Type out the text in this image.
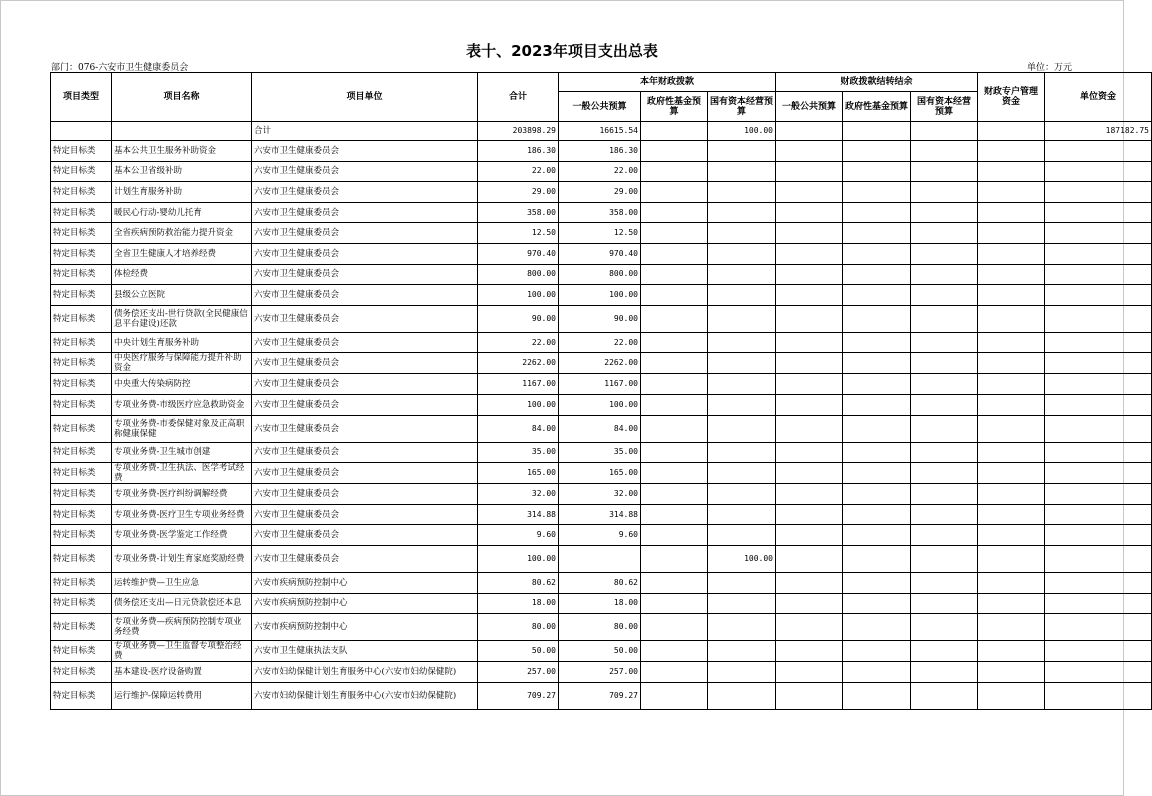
表十、2023年项目支出总表
部门：076-六安市卫生健康委员会	单位：万元
项目类型	项目名称	项目单位	合计	本年财政拨款			财政拨款结转结余			财政专户管理资金	单位资金
				一般公共预算	政府性基金预算	国有资本经营预算	一般公共预算	政府性基金预算	国有资本经营预算		
		合计	203898.29	16615.54		100.00					187182.75
特定目标类	基本公共卫生服务补助资金	六安市卫生健康委员会	186.30	186.30							
特定目标类	基本公卫省级补助	六安市卫生健康委员会	22.00	22.00							
特定目标类	计划生育服务补助	六安市卫生健康委员会	29.00	29.00							
特定目标类	暖民心行动-婴幼儿托育	六安市卫生健康委员会	358.00	358.00							
特定目标类	全省疾病预防救治能力提升资金	六安市卫生健康委员会	12.50	12.50							
特定目标类	全省卫生健康人才培养经费	六安市卫生健康委员会	970.40	970.40							
特定目标类	体检经费	六安市卫生健康委员会	800.00	800.00							
特定目标类	县级公立医院	六安市卫生健康委员会	100.00	100.00							
特定目标类	债务偿还支出-世行贷款(全民健康信息平台建设)还款	六安市卫生健康委员会	90.00	90.00							
特定目标类	中央计划生育服务补助	六安市卫生健康委员会	22.00	22.00							
特定目标类	中央医疗服务与保障能力提升补助资金	六安市卫生健康委员会	2262.00	2262.00							
特定目标类	中央重大传染病防控	六安市卫生健康委员会	1167.00	1167.00							
特定目标类	专项业务费-市级医疗应急救助资金	六安市卫生健康委员会	100.00	100.00							
特定目标类	专项业务费-市委保健对象及正高职称健康保健	六安市卫生健康委员会	84.00	84.00							
特定目标类	专项业务费-卫生城市创建	六安市卫生健康委员会	35.00	35.00							
特定目标类	专项业务费-卫生执法、医学考试经费	六安市卫生健康委员会	165.00	165.00							
特定目标类	专项业务费-医疗纠纷调解经费	六安市卫生健康委员会	32.00	32.00							
特定目标类	专项业务费-医疗卫生专项业务经费	六安市卫生健康委员会	314.88	314.88							
特定目标类	专项业务费-医学鉴定工作经费	六安市卫生健康委员会	9.60	9.60							
特定目标类	专项业务费-计划生育家庭奖励经费	六安市卫生健康委员会	100.00			100.00					
特定目标类	运转维护费—卫生应急	六安市疾病预防控制中心	80.62	80.62							
特定目标类	债务偿还支出—日元贷款偿还本息	六安市疾病预防控制中心	18.00	18.00							
特定目标类	专项业务费—疾病预防控制专项业务经费	六安市疾病预防控制中心	80.00	80.00							
特定目标类	专项业务费—卫生监督专项整治经费	六安市卫生健康执法支队	50.00	50.00							
特定目标类	基本建设-医疗设备购置	六安市妇幼保健计划生育服务中心(六安市妇幼保健院)	257.00	257.00							
特定目标类	运行维护-保障运转费用	六安市妇幼保健计划生育服务中心(六安市妇幼保健院)	709.27	709.27							
